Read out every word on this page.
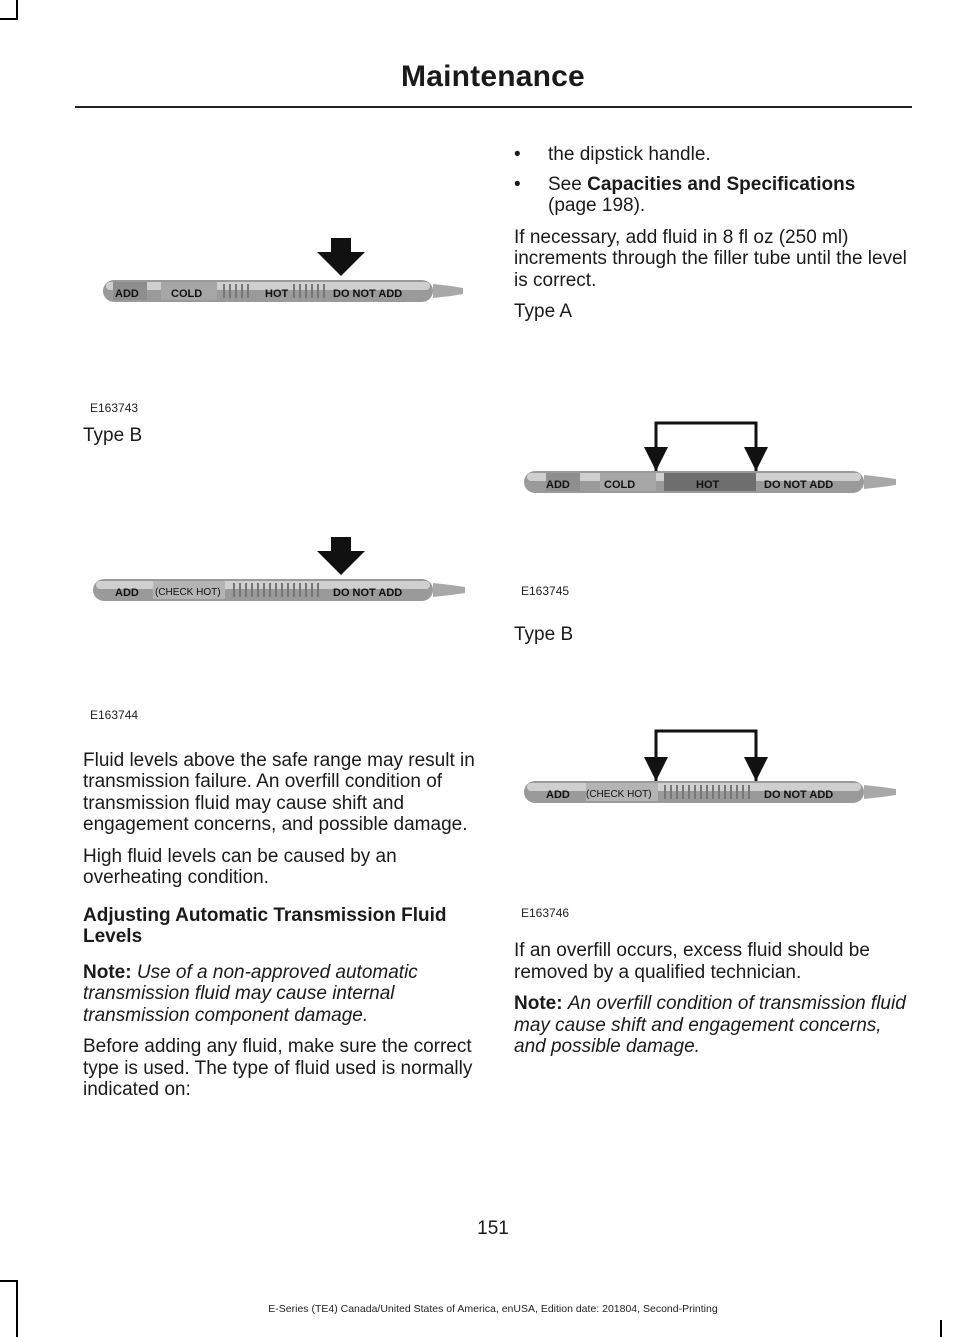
Maintenance
ADD	COLD	HOT	DO NOT ADD
E163743

Type B

ADD (CHECK HOT)	DO NOT ADD
E163744

Fluid levels above the safe range may result in transmission failure. An overfill condition of transmission fluid may cause shift and engagement concerns, and possible damage.

High fluid levels can be caused by an overheating condition.

Adjusting Automatic Transmission Fluid Levels

Note: Use of a non-approved automatic transmission fluid may cause internal transmission component damage.

Before adding any fluid, make sure the correct type is used. The type of fluid used is normally indicated on:

•	the dipstick handle.
•	See Capacities and Specifications (page 198).

If necessary, add fluid in 8 fl oz (250 ml) increments through the filler tube until the level is correct.

Type A

ADD	COLD	HOT	DO NOT ADD
E163745

Type B

ADD (CHECK HOT)	DO NOT ADD
E163746

If an overfill occurs, excess fluid should be removed by a qualified technician.

Note: An overfill condition of transmission fluid may cause shift and engagement concerns, and possible damage.

151
E-Series (TE4) Canada/United States of America, enUSA, Edition date: 201804, Second-Printing
